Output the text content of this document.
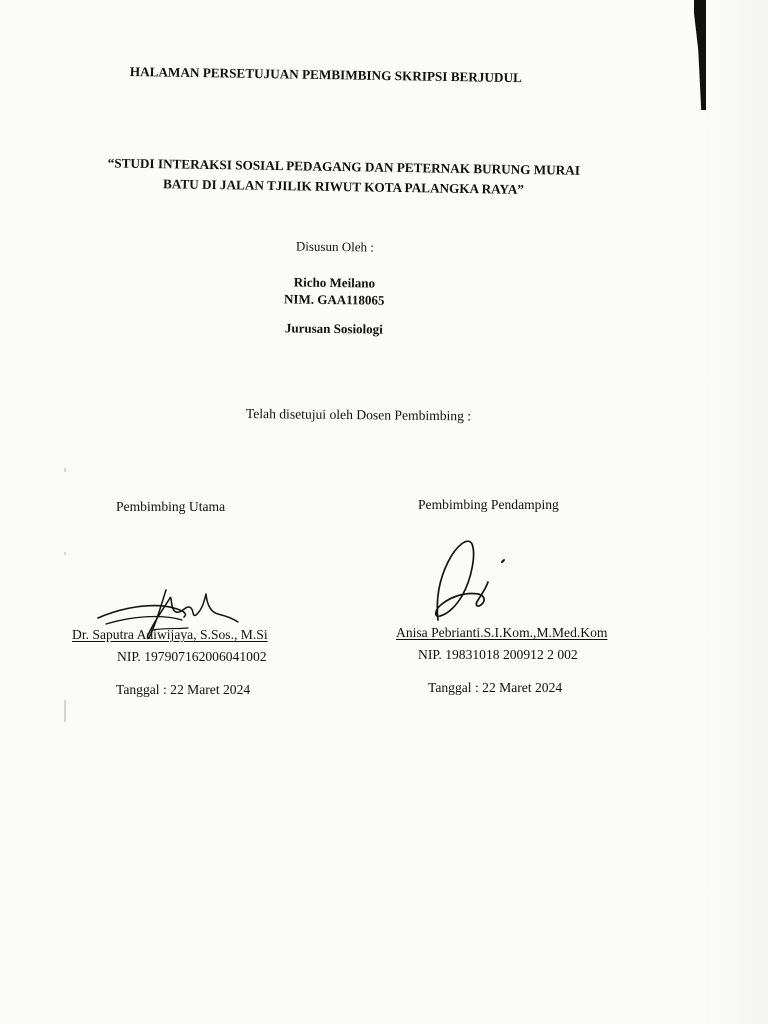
HALAMAN PERSETUJUAN PEMBIMBING SKRIPSI BERJUDUL
“STUDI INTERAKSI SOSIAL PEDAGANG DAN PETERNAK BURUNG MURAI
BATU DI JALAN TJILIK RIWUT KOTA PALANGKA RAYA”
Disusun Oleh :
Richo Meilano
NIM. GAA118065
Jurusan Sosiologi
Telah disetujui oleh Dosen Pembimbing :
Pembimbing Utama
Dr. Saputra Adiwijaya, S.Sos., M.Si
NIP. 197907162006041002
Tanggal : 22 Maret 2024
Pembimbing Pendamping
Anisa Pebrianti.S.I.Kom.,M.Med.Kom
NIP. 19831018 200912 2 002
Tanggal : 22 Maret 2024
